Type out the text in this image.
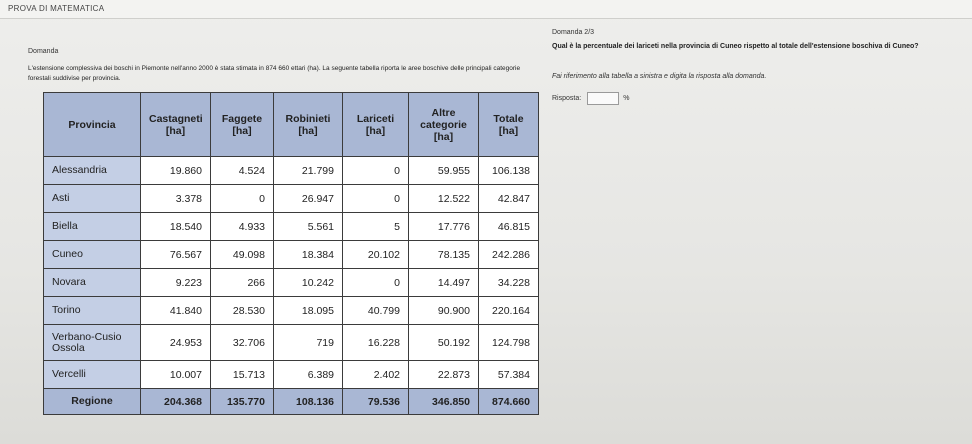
PROVA DI MATEMATICA
Domanda
L'estensione complessiva dei boschi in Piemonte nell'anno 2000 è stata stimata in 874 660 ettari (ha). La seguente tabella riporta le aree boschive delle principali categorie forestali suddivise per provincia.
Provincia	Castagneti [ha]	Faggete [ha]	Robinieti [ha]	Lariceti [ha]	Altre categorie [ha]	Totale [ha]
Alessandria	19.860	4.524	21.799	0	59.955	106.138
Asti	3.378	0	26.947	0	12.522	42.847
Biella	18.540	4.933	5.561	5	17.776	46.815
Cuneo	76.567	49.098	18.384	20.102	78.135	242.286
Novara	9.223	266	10.242	0	14.497	34.228
Torino	41.840	28.530	18.095	40.799	90.900	220.164
Verbano-Cusio Ossola	24.953	32.706	719	16.228	50.192	124.798
Vercelli	10.007	15.713	6.389	2.402	22.873	57.384
Regione	204.368	135.770	108.136	79.536	346.850	874.660
Domanda 2/3
Qual è la percentuale dei lariceti nella provincia di Cuneo rispetto al totale dell'estensione boschiva di Cuneo?
Fai riferimento alla tabella a sinistra e digita la risposta alla domanda.
Risposta:	%
